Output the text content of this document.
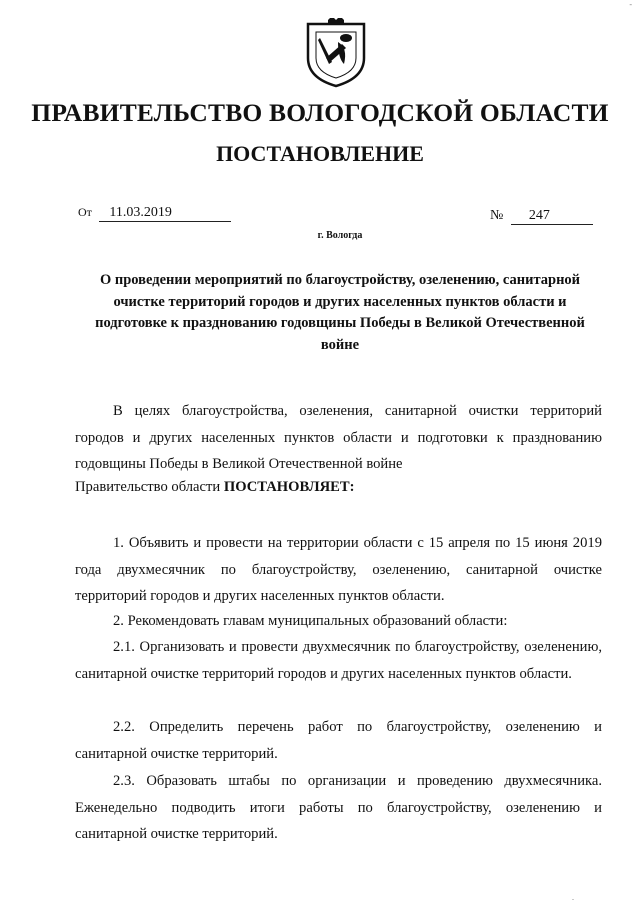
-
ПРАВИТЕЛЬСТВО ВОЛОГОДСКОЙ ОБЛАСТИ
ПОСТАНОВЛЕНИЕ
От 11.03.2019	№ 247
г. Вологда
О проведении мероприятий по благоустройству, озеленению, санитарной очистке территорий городов и других населенных пунктов области и подготовке к празднованию годовщины Победы в Великой Отечественной войне

В целях благоустройства, озеленения, санитарной очистки территорий городов и других населенных пунктов области и подготовки к празднованию годовщины Победы в Великой Отечественной войне

Правительство области ПОСТАНОВЛЯЕТ:

1. Объявить и провести на территории области с 15 апреля по 15 июня 2019 года двухмесячник по благоустройству, озеленению, санитарной очистке территорий городов и других населенных пунктов области.

2. Рекомендовать главам муниципальных образований области:

2.1. Организовать и провести двухмесячник по благоустройству, озеленению, санитарной очистке территорий городов и других населенных пунктов области.

2.2. Определить перечень работ по благоустройству, озеленению и санитарной очистке территорий.

2.3. Образовать штабы по организации и проведению двухмесячника. Еженедельно подводить итоги работы по благоустройству, озеленению и санитарной очистке территорий.

.
